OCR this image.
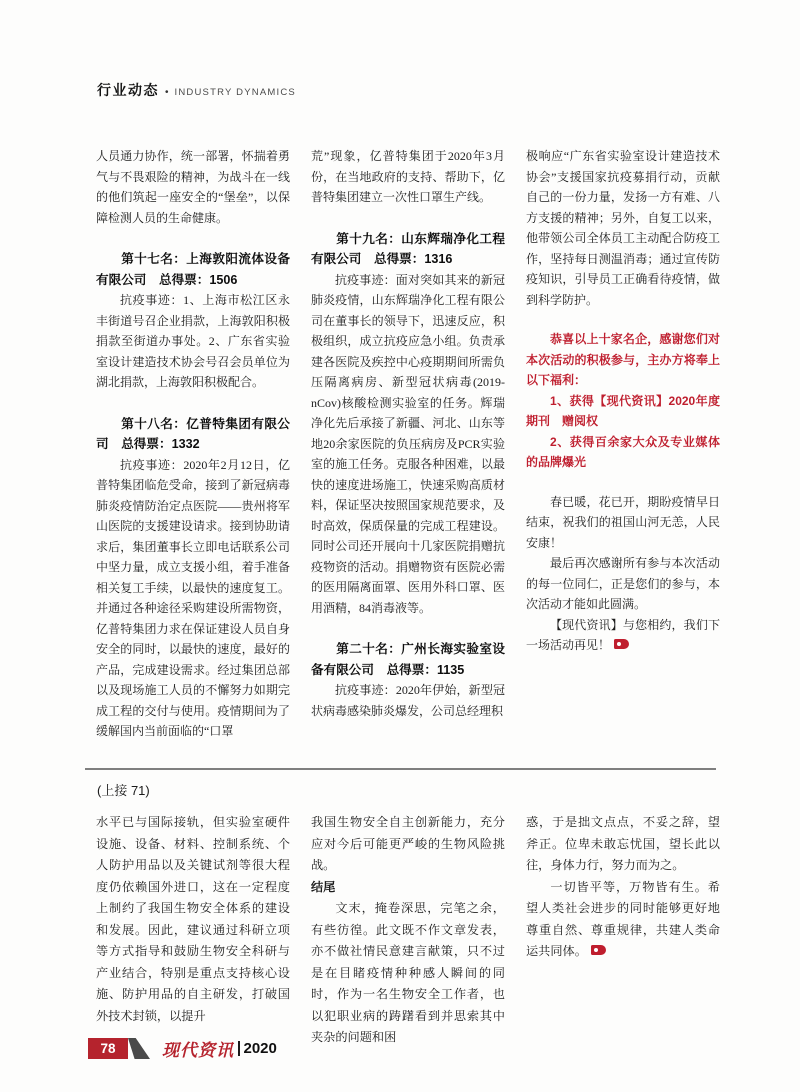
行业动态 • INDUSTRY DYNAMICS

人员通力协作，统一部署，怀揣着勇气与不畏艰险的精神，为战斗在一线的他们筑起一座安全的“堡垒”，以保障检测人员的生命健康。

第十七名：上海敦阳流体设备有限公司　总得票：1506

抗疫事迹：1、上海市松江区永丰街道号召企业捐款，上海敦阳积极捐款至街道办事处。2、广东省实验室设计建造技术协会号召会员单位为湖北捐款，上海敦阳积极配合。

第十八名：亿普特集团有限公司　总得票：1332

抗疫事迹：2020年2月12日，亿普特集团临危受命，接到了新冠病毒肺炎疫情防治定点医院——贵州将军山医院的支援建设请求。接到协助请求后，集团董事长立即电话联系公司中坚力量，成立支援小组，着手准备相关复工手续，以最快的速度复工。并通过各种途径采购建设所需物资，亿普特集团力求在保证建设人员自身安全的同时，以最快的速度，最好的产品，完成建设需求。经过集团总部以及现场施工人员的不懈努力如期完成工程的交付与使用。疫情期间为了缓解国内当前面临的“口罩

荒”现象，亿普特集团于2020年3月份，在当地政府的支持、帮助下，亿普特集团建立一次性口罩生产线。

第十九名：山东辉瑞净化工程有限公司　总得票：1316

抗疫事迹：面对突如其来的新冠肺炎疫情，山东辉瑞净化工程有限公司在董事长的领导下，迅速反应，积极组织，成立抗疫应急小组。负责承建各医院及疾控中心疫期期间所需负压隔离病房、新型冠状病毒(2019-nCov)核酸检测实验室的任务。辉瑞净化先后承接了新疆、河北、山东等地20余家医院的负压病房及PCR实验室的施工任务。克服各种困难，以最快的速度进场施工，快速采购高质材料，保证坚决按照国家规范要求，及时高效，保质保量的完成工程建设。同时公司还开展向十几家医院捐赠抗疫物资的活动。捐赠物资有医院必需的医用隔离面罩、医用外科口罩、医用酒精，84消毒液等。

第二十名：广州长海实验室设备有限公司　总得票：1135

抗疫事迹：2020年伊始，新型冠状病毒感染肺炎爆发，公司总经理积

极响应“广东省实验室设计建造技术协会”支援国家抗疫募捐行动，贡献自己的一份力量，发扬一方有难、八方支援的精神；另外，自复工以来，他带领公司全体员工主动配合防疫工作，坚持每日测温消毒；通过宣传防疫知识，引导员工正确看待疫情，做到科学防护。

恭喜以上十家名企，感谢您们对本次活动的积极参与，主办方将奉上以下福利：

1、获得【现代资讯】2020年度期刊　赠阅权

2、获得百余家大众及专业媒体的品牌爆光

春已暖，花已开，期盼疫情早日结束，祝我们的祖国山河无恙，人民安康！

最后再次感谢所有参与本次活动的每一位同仁，正是您们的参与，本次活动才能如此圆满。

【现代资讯】与您相约，我们下一场活动再见！

(上接 71)

水平已与国际接轨，但实验室硬件设施、设备、材料、控制系统、个人防护用品以及关键试剂等很大程度仍依赖国外进口，这在一定程度上制约了我国生物安全体系的建设和发展。因此，建议通过科研立项等方式指导和鼓励生物安全科研与产业结合，特别是重点支持核心设施、防护用品的自主研发，打破国外技术封锁，以提升

我国生物安全自主创新能力，充分应对今后可能更严峻的生物风险挑战。

结尾

文末，掩卷深思，完笔之余，有些彷徨。此文既不作文章发表，亦不做社情民意建言献策，只不过是在目睹疫情种种感人瞬间的同时，作为一名生物安全工作者，也以犯职业病的踌躇看到并思索其中夹杂的问题和困

惑，于是拙文点点，不妥之辞，望斧正。位卑未敢忘忧国，望长此以往，身体力行，努力而为之。

一切皆平等，万物皆有生。希望人类社会进步的同时能够更好地尊重自然、尊重规律，共建人类命运共同体。

78	现代资讯 2020
